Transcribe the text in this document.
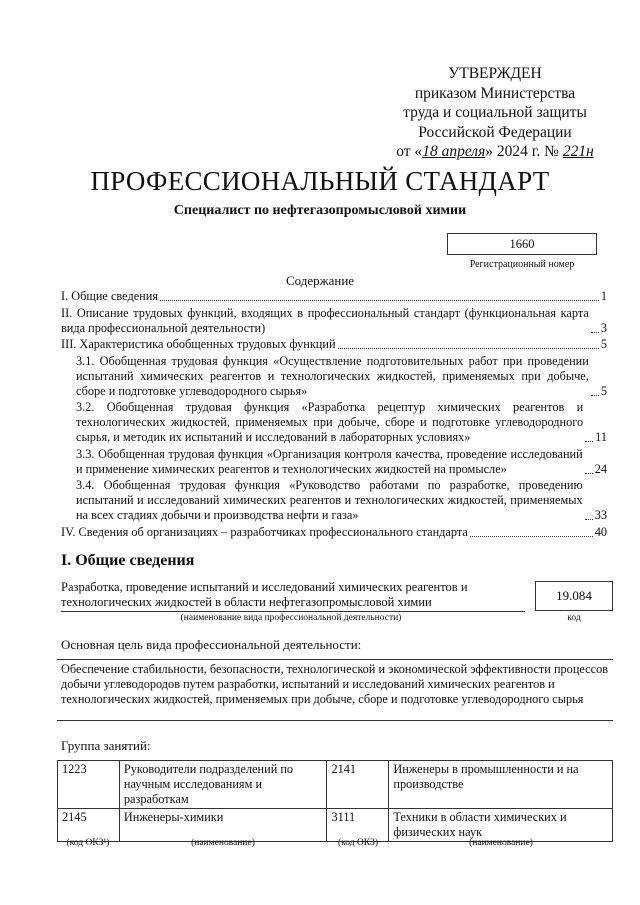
УТВЕРЖДЕН
приказом Министерства
труда и социальной защиты
Российской Федерации
от «18 апреля» 2024 г. № 221н
ПРОФЕССИОНАЛЬНЫЙ СТАНДАРТ
Специалист по нефтегазопромысловой химии
1660
Регистрационный номер
Содержание
I. Общие сведения	1
II. Описание трудовых функций, входящих в профессиональный стандарт (функциональная карта вида профессиональной деятельности)	3
III. Характеристика обобщенных трудовых функций	5
3.1. Обобщенная трудовая функция «Осуществление подготовительных работ при проведении испытаний химических реагентов и технологических жидкостей, применяемых при добыче, сборе и подготовке углеводородного сырья»	5
3.2. Обобщенная трудовая функция «Разработка рецептур химических реагентов и технологических жидкостей, применяемых при добыче, сборе и подготовке углеводородного сырья, и методик их испытаний и исследований в лабораторных условиях»	11
3.3. Обобщенная трудовая функция «Организация контроля качества, проведение исследований и применение химических реагентов и технологических жидкостей на промысле»	24
3.4. Обобщенная трудовая функция «Руководство работами по разработке, проведению испытаний и исследований химических реагентов и технологических жидкостей, применяемых на всех стадиях добычи и производства нефти и газа»	33
IV. Сведения об организациях – разработчиках профессионального стандарта	40
I. Общие сведения
Разработка, проведение испытаний и исследований химических реагентов и технологических жидкостей в области нефтегазопромысловой химии
(наименование вида профессиональной деятельности)
19.084
код
Основная цель вида профессиональной деятельности:
Обеспечение стабильности, безопасности, технологической и экономической эффективности процессов добычи углеводородов путем разработки, испытаний и исследований химических реагентов и технологических жидкостей, применяемых при добыче, сборе и подготовке углеводородного сырья
Группа занятий:
1223	Руководители подразделений по научным исследованиям и разработкам	2141	Инженеры в промышленности и на производстве
2145	Инженеры-химики	3111	Техники в области химических и физических наук
(код ОКЗ¹)	(наименование)	(код ОКЗ)	(наименование)
